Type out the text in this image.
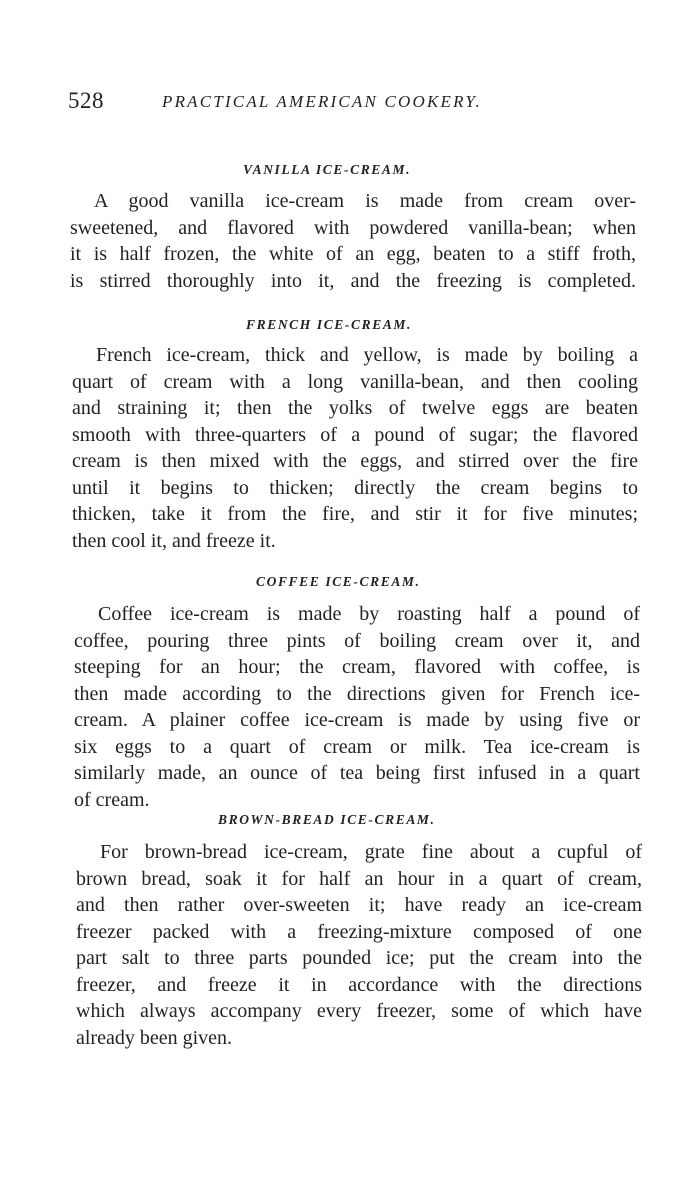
528	PRACTICAL AMERICAN COOKERY.
VANILLA ICE-CREAM.

A good vanilla ice-cream is made from cream over-
sweetened, and flavored with powdered vanilla-bean; when
it is half frozen, the white of an egg, beaten to a stiff froth,
is stirred thoroughly into it, and the freezing is completed.

FRENCH ICE-CREAM.

French ice-cream, thick and yellow, is made by boiling a
quart of cream with a long vanilla-bean, and then cooling
and straining it; then the yolks of twelve eggs are beaten
smooth with three-quarters of a pound of sugar; the flavored
cream is then mixed with the eggs, and stirred over the fire
until it begins to thicken; directly the cream begins to
thicken, take it from the fire, and stir it for five minutes;
then cool it, and freeze it.

COFFEE ICE-CREAM.

Coffee ice-cream is made by roasting half a pound of
coffee, pouring three pints of boiling cream over it, and
steeping for an hour; the cream, flavored with coffee, is
then made according to the directions given for French ice-
cream. A plainer coffee ice-cream is made by using five or
six eggs to a quart of cream or milk. Tea ice-cream is
similarly made, an ounce of tea being first infused in a quart
of cream.

BROWN-BREAD ICE-CREAM.

For brown-bread ice-cream, grate fine about a cupful of
brown bread, soak it for half an hour in a quart of cream,
and then rather over-sweeten it; have ready an ice-cream
freezer packed with a freezing-mixture composed of one
part salt to three parts pounded ice; put the cream into the
freezer, and freeze it in accordance with the directions
which always accompany every freezer, some of which have
already been given.
